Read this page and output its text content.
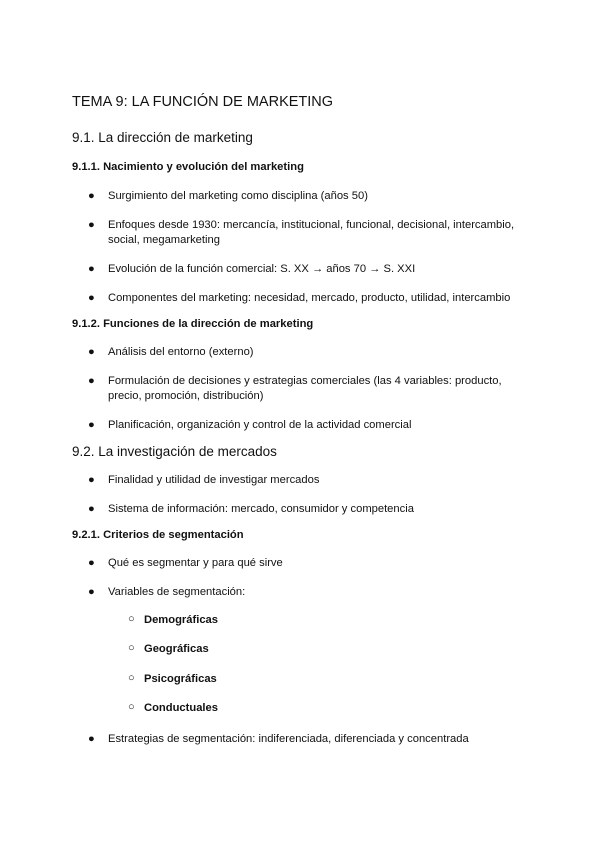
TEMA 9: LA FUNCIÓN DE MARKETING
9.1. La dirección de marketing
9.1.1. Nacimiento y evolución del marketing
● Surgimiento del marketing como disciplina (años 50)
● Enfoques desde 1930: mercancía, institucional, funcional, decisional, intercambio, social, megamarketing
● Evolución de la función comercial: S. XX → años 70 → S. XXI
● Componentes del marketing: necesidad, mercado, producto, utilidad, intercambio
9.1.2. Funciones de la dirección de marketing
● Análisis del entorno (externo)
● Formulación de decisiones y estrategias comerciales (las 4 variables: producto, precio, promoción, distribución)
● Planificación, organización y control de la actividad comercial
9.2. La investigación de mercados
● Finalidad y utilidad de investigar mercados
● Sistema de información: mercado, consumidor y competencia
9.2.1. Criterios de segmentación
● Qué es segmentar y para qué sirve
● Variables de segmentación:
○ Demográficas
○ Geográficas
○ Psicográficas
○ Conductuales
● Estrategias de segmentación: indiferenciada, diferenciada y concentrada
